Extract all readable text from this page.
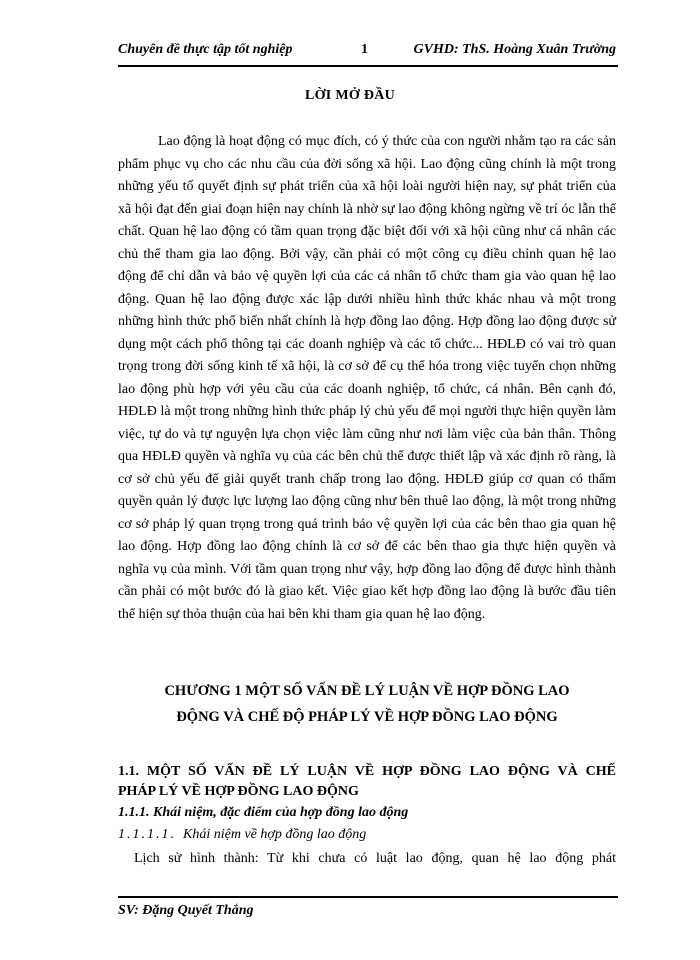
Chuyên đề thực tập tốt nghiệp	1	GVHD: ThS. Hoàng Xuân Trường
LỜI MỞ ĐẦU

Lao động là hoạt động có mục đích, có ý thức của con người nhằm tạo ra các sản phẩm phục vụ cho các nhu cầu của đời sống xã hội. Lao động cũng chính là một trong những yếu tố quyết định sự phát triển của xã hội loài người hiện nay, sự phát triển của xã hội đạt đến giai đoạn hiện nay chính là nhờ sự lao động không ngừng về trí óc lẫn thể chất. Quan hệ lao động có tầm quan trọng đặc biệt đối với xã hội cũng như cá nhân các chủ thể tham gia lao động. Bởi vậy, cần phải có một công cụ điều chỉnh quan hệ lao động để chỉ dẫn và bảo vệ quyền lợi của các cá nhân tổ chức tham gia vào quan hệ lao động. Quan hệ lao động được xác lập dưới nhiều hình thức khác nhau và một trong những hình thức phổ biến nhất chính là hợp đồng lao động. Hợp đồng lao động được sử dụng một cách phổ thông tại các doanh nghiệp và các tổ chức... HĐLĐ có vai trò quan trọng trong đời sống kinh tế xã hội, là cơ sở để cụ thể hóa trong việc tuyển chọn những lao động phù hợp với yêu cầu của các doanh nghiệp, tổ chức, cá nhân. Bên cạnh đó, HĐLĐ là một trong những hình thức pháp lý chủ yếu để mọi người thực hiện quyền làm việc, tự do và tự nguyện lựa chọn việc làm cũng như nơi làm việc của bản thân. Thông qua HĐLĐ quyền và nghĩa vụ của các bên chủ thể được thiết lập và xác định rõ ràng, là cơ sở chủ yếu để giải quyết tranh chấp trong lao động. HĐLĐ giúp cơ quan có thẩm quyền quản lý được lực lượng lao động cũng như bên thuê lao động, là một trong những cơ sở pháp lý quan trọng trong quá trình bảo vệ quyền lợi của các bên thao gia quan hệ lao động. Hợp đồng lao động chính là cơ sở để các bên thao gia thực hiện quyền và nghĩa vụ của mình. Với tầm quan trọng như vậy, hợp đồng lao động để được hình thành cần phải có một bước đó là giao kết. Việc giao kết hợp đồng lao động là bước đầu tiên thể hiện sự thỏa thuận của hai bên khi tham gia quan hệ lao động.

CHƯƠNG 1 MỘT SỐ VẤN ĐỀ LÝ LUẬN VỀ HỢP ĐỒNG LAO
ĐỘNG VÀ CHẾ ĐỘ PHÁP LÝ VỀ HỢP ĐỒNG LAO ĐỘNG
1.1. MỘT SỐ VẤN ĐỀ LÝ LUẬN VỀ HỢP ĐỒNG LAO ĐỘNG VÀ CHẾ
PHÁP LÝ VỀ HỢP ĐỒNG LAO ĐỘNG
1.1.1. Khái niệm, đặc điểm của hợp đồng lao động
1.1.1.1. Khái niệm về hợp đồng lao động

Lịch sử hình thành: Từ khi chưa có luật lao động, quan hệ lao động phát

SV: Đặng Quyết Thắng
